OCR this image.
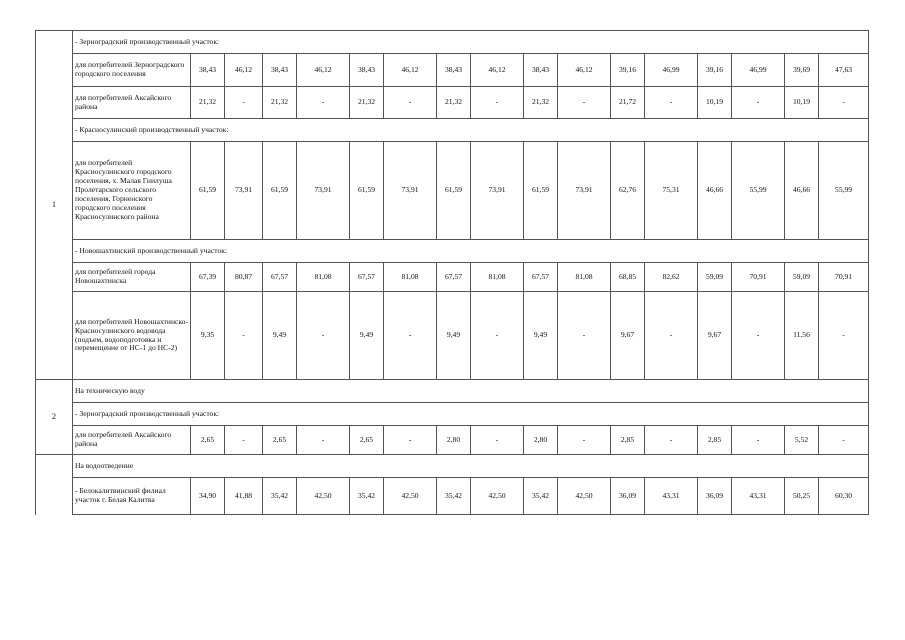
1	- Зерноградский производственный участок:																
	для потребителей Зерноградского городского поселения	38,43	46,12	38,43	46,12	38,43	46,12	38,43	46,12	38,43	46,12	39,16	46,99	39,16	46,99	39,69	47,63
	для потребителей Аксайского района	21,32	-	21,32	-	21,32	-	21,32	-	21,32	-	21,72	-	10,19	-	10,19	-
	- Красносулинский производственный участок:																
	для потребителей Красносулинского городского поселения, х. Малая Гнилуша Пролетарского сельского поселения, Горненского городского поселения Красносулинского района	61,59	73,91	61,59	73,91	61,59	73,91	61,59	73,91	61,59	73,91	62,76	75,31	46,66	55,99	46,66	55,99
	- Новошахтинский производственный участок:																
	для потребителей города Новошахтинска	67,39	80,87	67,57	81,08	67,57	81,08	67,57	81,08	67,57	81,08	68,85	82,62	59,09	70,91	59,09	70,91
	для потребителей Новошахтинско-Красносулинского водовода (подъем, водоподготовка и перемещение от НС-1 до НС-2)	9,35	-	9,49	-	9,49	-	9,49	-	9,49	-	9,67	-	9,67	-	11,56	-
2	На техническую воду																
	- Зерноградский производственный участок:																
	для потребителей Аксайского района	2,65	-	2,65	-	2,65	-	2,80	-	2,80	-	2,85	-	2,85	-	5,52	-
	На водоотведение																
	- Белокалитвинский филиал участок г. Белая Калитва	34,90	41,88	35,42	42,50	35,42	42,50	35,42	42,50	35,42	42,50	36,09	43,31	36,09	43,31	50,25	60,30
